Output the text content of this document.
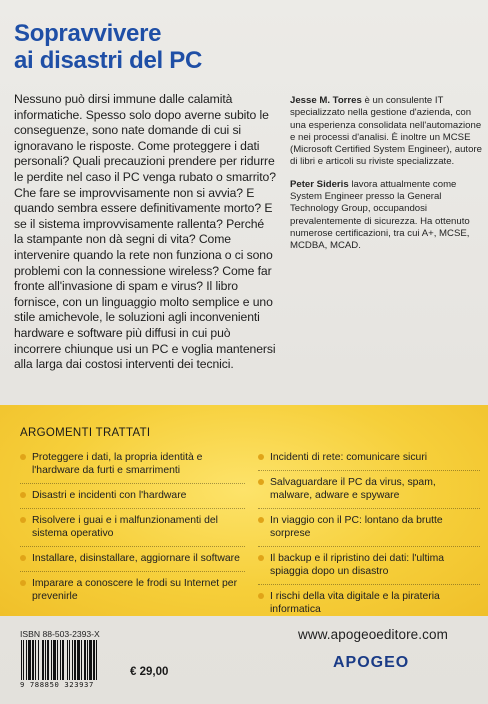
Sopravvivere
ai disastri del PC

Nessuno può dirsi immune dalle calamità informatiche. Spesso solo dopo averne subito le conseguenze, sono nate domande di cui si ignoravano le risposte. Come proteggere i dati personali? Quali precauzioni prendere per ridurre le perdite nel caso il PC venga rubato o smarrito? Che fare se improvvisamente non si avvia? E quando sembra essere definitivamente morto? E se il sistema improvvisamente rallenta? Perché la stampante non dà segni di vita? Come intervenire quando la rete non funziona o ci sono problemi con la connessione wireless? Come far fronte all'invasione di spam e virus? Il libro fornisce, con un linguaggio molto semplice e uno stile amichevole, le soluzioni agli inconvenienti hardware e software più diffusi in cui può incorrere chiunque usi un PC e voglia mantenersi alla larga dai costosi interventi dei tecnici.

Jesse M. Torres è un consulente IT specializzato nella gestione d'azienda, con una esperienza consolidata nell'automazione e nei processi d'analisi. È inoltre un MCSE (Microsoft Certified System Engineer), autore di libri e articoli su riviste specializzate.

Peter Sideris lavora attualmente come System Engineer presso la General Technology Group, occupandosi prevalentemente di sicurezza. Ha ottenuto numerose certificazioni, tra cui A+, MCSE, MCDBA, MCAD.

ARGOMENTI TRATTATI
Proteggere i dati, la propria identità e l'hardware da furti e smarrimenti
Disastri e incidenti con l'hardware
Risolvere i guai e i malfunzionamenti del sistema operativo
Installare, disinstallare, aggiornare il software
Imparare a conoscere le frodi su Internet per prevenirle
Incidenti di rete: comunicare sicuri
Salvaguardare il PC da virus, spam, malware, adware e spyware
In viaggio con il PC: lontano da brutte sorprese
Il backup e il ripristino dei dati: l'ultima spiaggia dopo un disastro
I rischi della vita digitale e la pirateria informatica
ISBN 88-503-2393-X
9 788850 323937
€ 29,00
www.apogeoeditore.com
APOGEO
